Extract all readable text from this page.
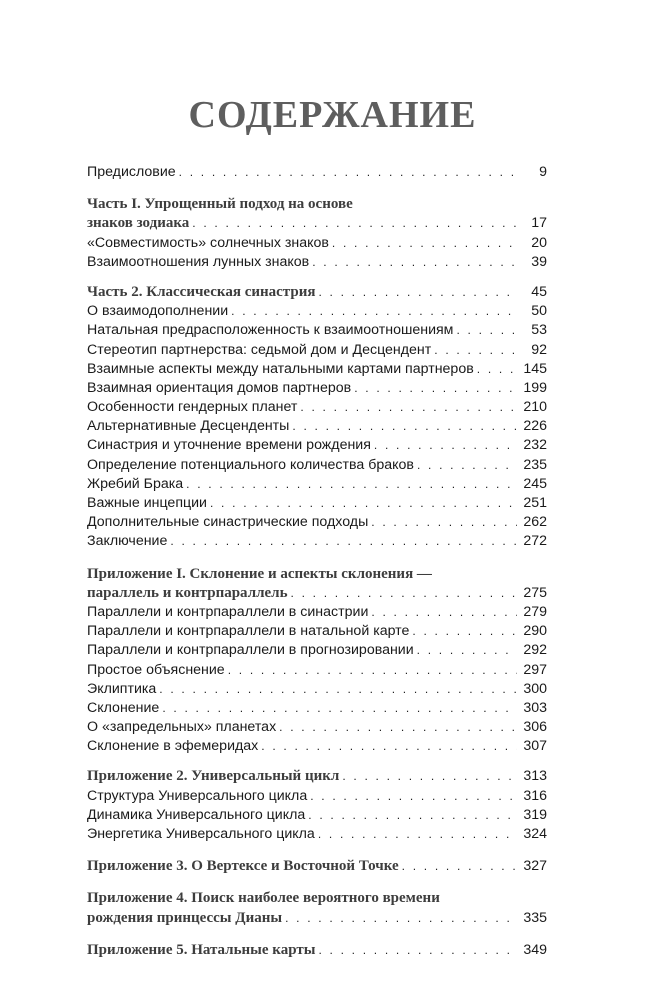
СОДЕРЖАНИЕ
Предисловие . . .	9
Часть I. Упрощенный подход на основе
знаков зодиака . . .	17
«Совместимость» солнечных знаков . . .	20
Взаимоотношения лунных знаков . . .	39
Часть 2. Классическая синастрия . . .	45
О взаимодополнении . . .	50
Натальная предрасположенность к взаимоотношениям . . .	53
Стереотип партнерства: седьмой дом и Десцендент . . .	92
Взаимные аспекты между натальными картами партнеров . . .	145
Взаимная ориентация домов партнеров . . .	199
Особенности гендерных планет . . .	210
Альтернативные Десценденты . . .	226
Синастрия и уточнение времени рождения . . .	232
Определение потенциального количества браков . . .	235
Жребий Брака . . .	245
Важные инцепции . . .	251
Дополнительные синастрические подходы . . .	262
Заключение . . .	272
Приложение I. Склонение и аспекты склонения —
параллель и контрпараллель . . .	275
Параллели и контрпараллели в синастрии . . .	279
Параллели и контрпараллели в натальной карте . . .	290
Параллели и контрпараллели в прогнозировании . . .	292
Простое объяснение . . .	297
Эклиптика . . .	300
Склонение . . .	303
О «запредельных» планетах . . .	306
Склонение в эфемеридах . . .	307
Приложение 2. Универсальный цикл . . .	313
Структура Универсального цикла . . .	316
Динамика Универсального цикла . . .	319
Энергетика Универсального цикла . . .	324
Приложение 3. О Вертексе и Восточной Точке . . .	327
Приложение 4. Поиск наиболее вероятного времени
рождения принцессы Дианы . . .	335
Приложение 5. Натальные карты . . .	349
